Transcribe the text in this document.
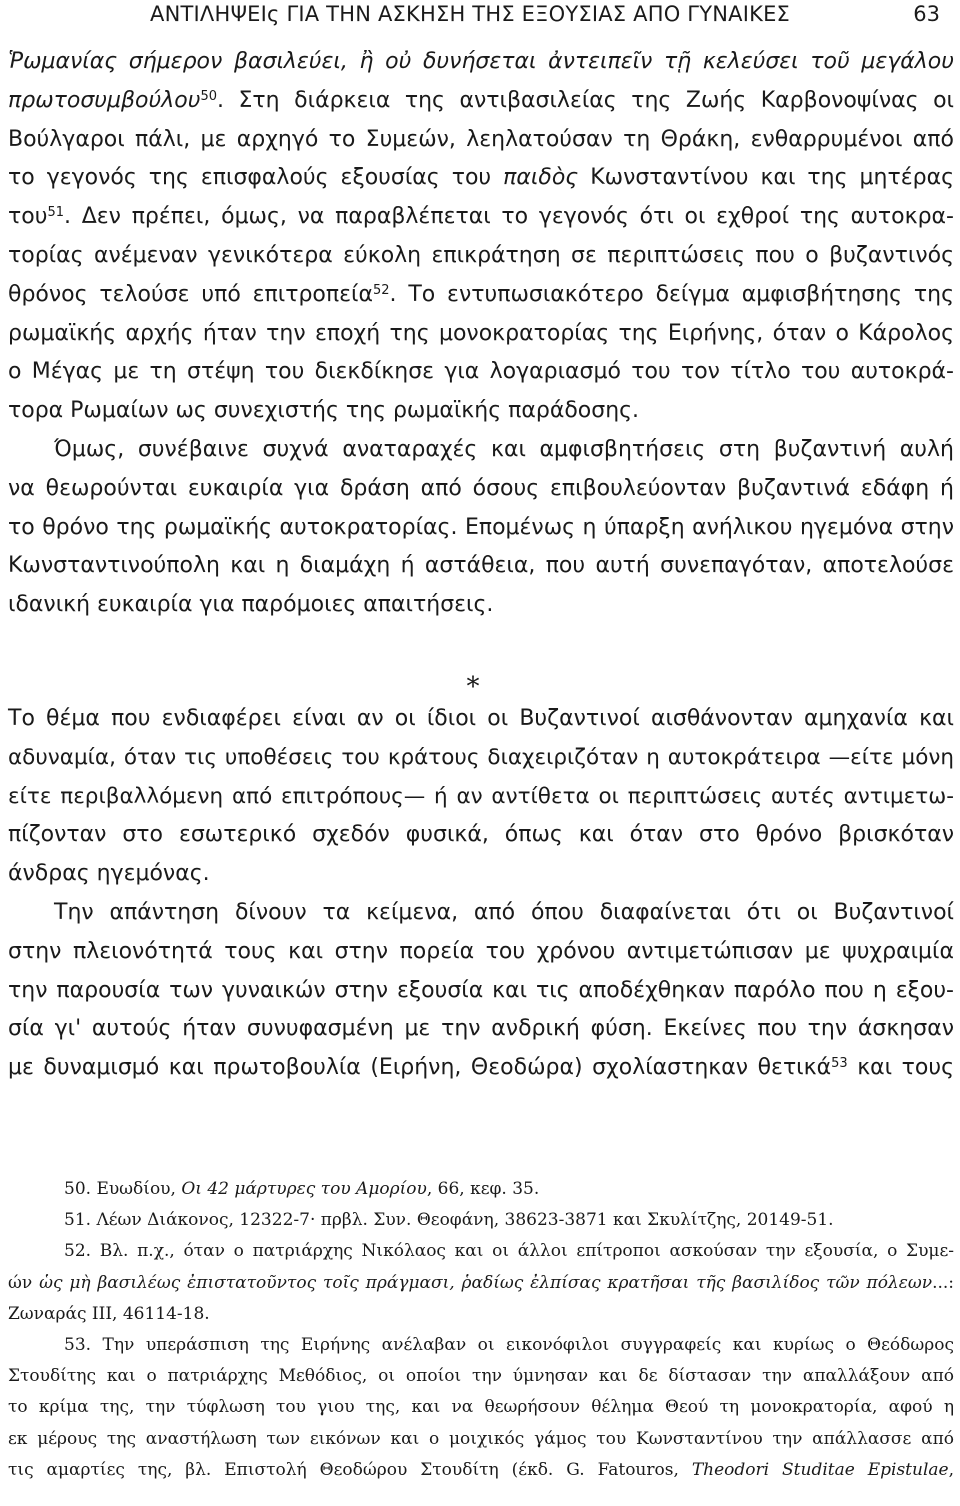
ΑΝΤΙΛΗΨΕΙς ΓΙΑ ΤΗΝ ΑΣΚΗΣΗ ΤΗΣ ΕΞΟΥΣΙΑΣ ΑΠΟ ΓΥΝΑΙΚΕΣ	63
Ῥωμανίας σήμερον βασιλεύει, ἢ οὐ δυνήσεται ἀντειπεῖν τῇ κελεύσει τοῦ μεγάλου
πρωτοσυμβούλου$^{50}$. Στη διάρκεια της αντιβασιλείας της Ζωής Καρβονοψίνας οι
Βούλγαροι πάλι, με αρχηγό το Συμεών, λεηλατούσαν τη Θράκη, ενθαρρυμένοι από
το γεγονός της επισφαλούς εξουσίας του παιδὸς Κωνσταντίνου και της μητέρας
του$^{51}$. Δεν πρέπει, όμως, να παραβλέπεται το γεγονός ότι οι εχθροί της αυτοκρα-
τορίας ανέμεναν γενικότερα εύκολη επικράτηση σε περιπτώσεις που ο βυζαντινός
θρόνος τελούσε υπό επιτροπεία$^{52}$. Το εντυπωσιακότερο δείγμα αμφισβήτησης της
ρωμαϊκής αρχής ήταν την εποχή της μονοκρατορίας της Ειρήνης, όταν ο Κάρολος
ο Μέγας με τη στέψη του διεκδίκησε για λογαριασμό του τον τίτλο του αυτοκρά-
τορα Ρωμαίων ως συνεχιστής της ρωμαϊκής παράδοσης.
Όμως, συνέβαινε συχνά αναταραχές και αμφισβητήσεις στη βυζαντινή αυλή
να θεωρούνται ευκαιρία για δράση από όσους επιβουλεύονταν βυζαντινά εδάφη ή
το θρόνο της ρωμαϊκής αυτοκρατορίας. Επομένως η ύπαρξη ανήλικου ηγεμόνα στην
Κωνσταντινούπολη και η διαμάχη ή αστάθεια, που αυτή συνεπαγόταν, αποτελούσε
ιδανική ευκαιρία για παρόμοιες απαιτήσεις.
*
Το θέμα που ενδιαφέρει είναι αν οι ίδιοι οι Βυζαντινοί αισθάνονταν αμηχανία και
αδυναμία, όταν τις υποθέσεις του κράτους διαχειριζόταν η αυτοκράτειρα —είτε μόνη
είτε περιβαλλόμενη από επιτρόπους— ή αν αντίθετα οι περιπτώσεις αυτές αντιμετω-
πίζονταν στο εσωτερικό σχεδόν φυσικά, όπως και όταν στο θρόνο βρισκόταν
άνδρας ηγεμόνας.
Την απάντηση δίνουν τα κείμενα, από όπου διαφαίνεται ότι οι Βυζαντινοί
στην πλειονότητά τους και στην πορεία του χρόνου αντιμετώπισαν με ψυχραιμία
την παρουσία των γυναικών στην εξουσία και τις αποδέχθηκαν παρόλο που η εξου-
σία γι' αυτούς ήταν συνυφασμένη με την ανδρική φύση. Εκείνες που την άσκησαν
με δυναμισμό και πρωτοβουλία (Ειρήνη, Θεοδώρα) σχολίαστηκαν θετικά$^{53}$ και τους
50. Ευωδίου, Οι 42 μάρτυρες του Αμορίου, 66, κεφ. 35.
51. Λέων Διάκονος, 12322-7· πρβλ. Συν. Θεοφάνη, 38623-3871 και Σκυλίτζης, 20149-51.
52. Βλ. π.χ., όταν ο πατριάρχης Νικόλαος και οι άλλοι επίτροποι ασκούσαν την εξουσία, ο Συμε-
ών ὡς μὴ βασιλέως ἐπιστατοῦντος τοῖς πράγμασι, ῥαδίως ἐλπίσας κρατῆσαι τῆς βασιλίδος τῶν πόλεων...:
Ζωναράς ΙΙΙ, 46114-18.
53. Την υπεράσπιση της Ειρήνης ανέλαβαν οι εικονόφιλοι συγγραφείς και κυρίως ο Θεόδωρος
Στουδίτης και ο πατριάρχης Μεθόδιος, οι οποίοι την ύμνησαν και δε δίστασαν την απαλλάξουν από
το κρίμα της, την τύφλωση του γιου της, και να θεωρήσουν θέλημα Θεού τη μονοκρατορία, αφού η
εκ μέρους της αναστήλωση των εικόνων και ο μοιχικός γάμος του Κωνσταντίνου την απάλλασσε από
τις αμαρτίες της, βλ. Επιστολή Θεοδώρου Στουδίτη (έκδ. G. Fatouros, Theodori Studitae Epistulae,
